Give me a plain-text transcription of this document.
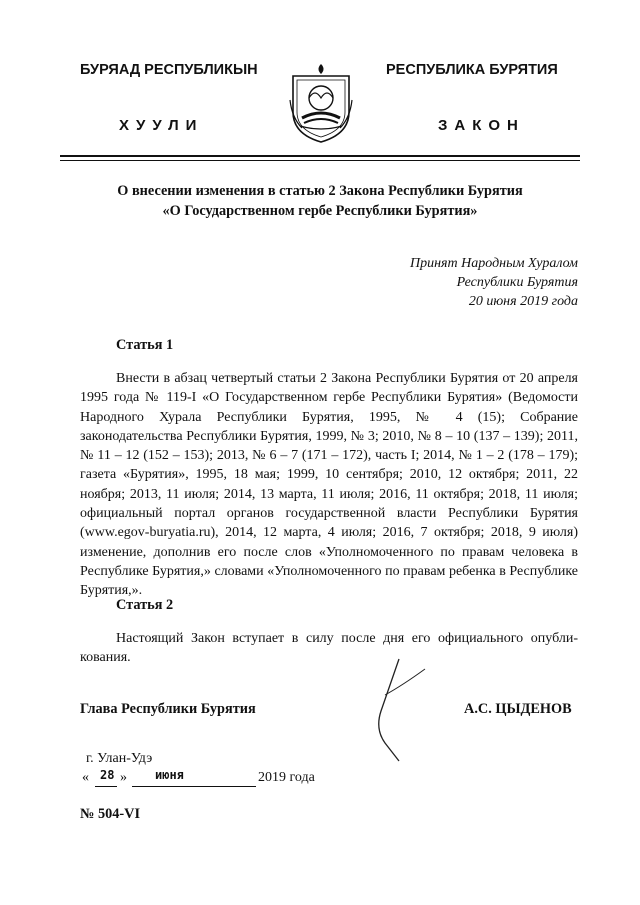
БУРЯАД РЕСПУБЛИКЫН
ХУУЛИ
РЕСПУБЛИКА БУРЯТИЯ
ЗАКОН
О внесении изменения в статью 2 Закона Республики Бурятия
«О Государственном гербе Республики Бурятия»
Принят Народным Хуралом
Республики Бурятия
20 июня 2019 года
Статья 1

Внести в абзац четвертый статьи 2 Закона Республики Бурятия от 20 апреля 1995 года № 119-I «О Государственном гербе Республики Бурятия» (Ведомости Народного Хурала Республики Бурятия, 1995, № 4 (15); Собрание законодательства Республики Бурятия, 1999, № 3; 2010, № 8 – 10 (137 – 139); 2011, № 11 – 12 (152 – 153); 2013, № 6 – 7 (171 – 172), часть I; 2014, № 1 – 2 (178 – 179); газета «Бурятия», 1995, 18 мая; 1999, 10 сентября; 2010, 12 октября; 2011, 22 ноября; 2013, 11 июля; 2014, 13 марта, 11 июля; 2016, 11 октября; 2018, 11 июля; официальный портал органов государственной власти Республики Бурятия (www.egov-buryatia.ru), 2014, 12 марта, 4 июля; 2016, 7 октября; 2018, 9 июля) изменение, дополнив его после слов «Уполномоченного по правам человека в Республике Бурятия,» словами «Уполномоченного по правам ребенка в Республике Бурятия,».

Статья 2

Настоящий Закон вступает в силу после дня его официального опубликования.

Глава Республики Бурятия	А.С. ЦЫДЕНОВ
г. Улан-Удэ
« 28 » июня	2019 года
№ 504-VI
